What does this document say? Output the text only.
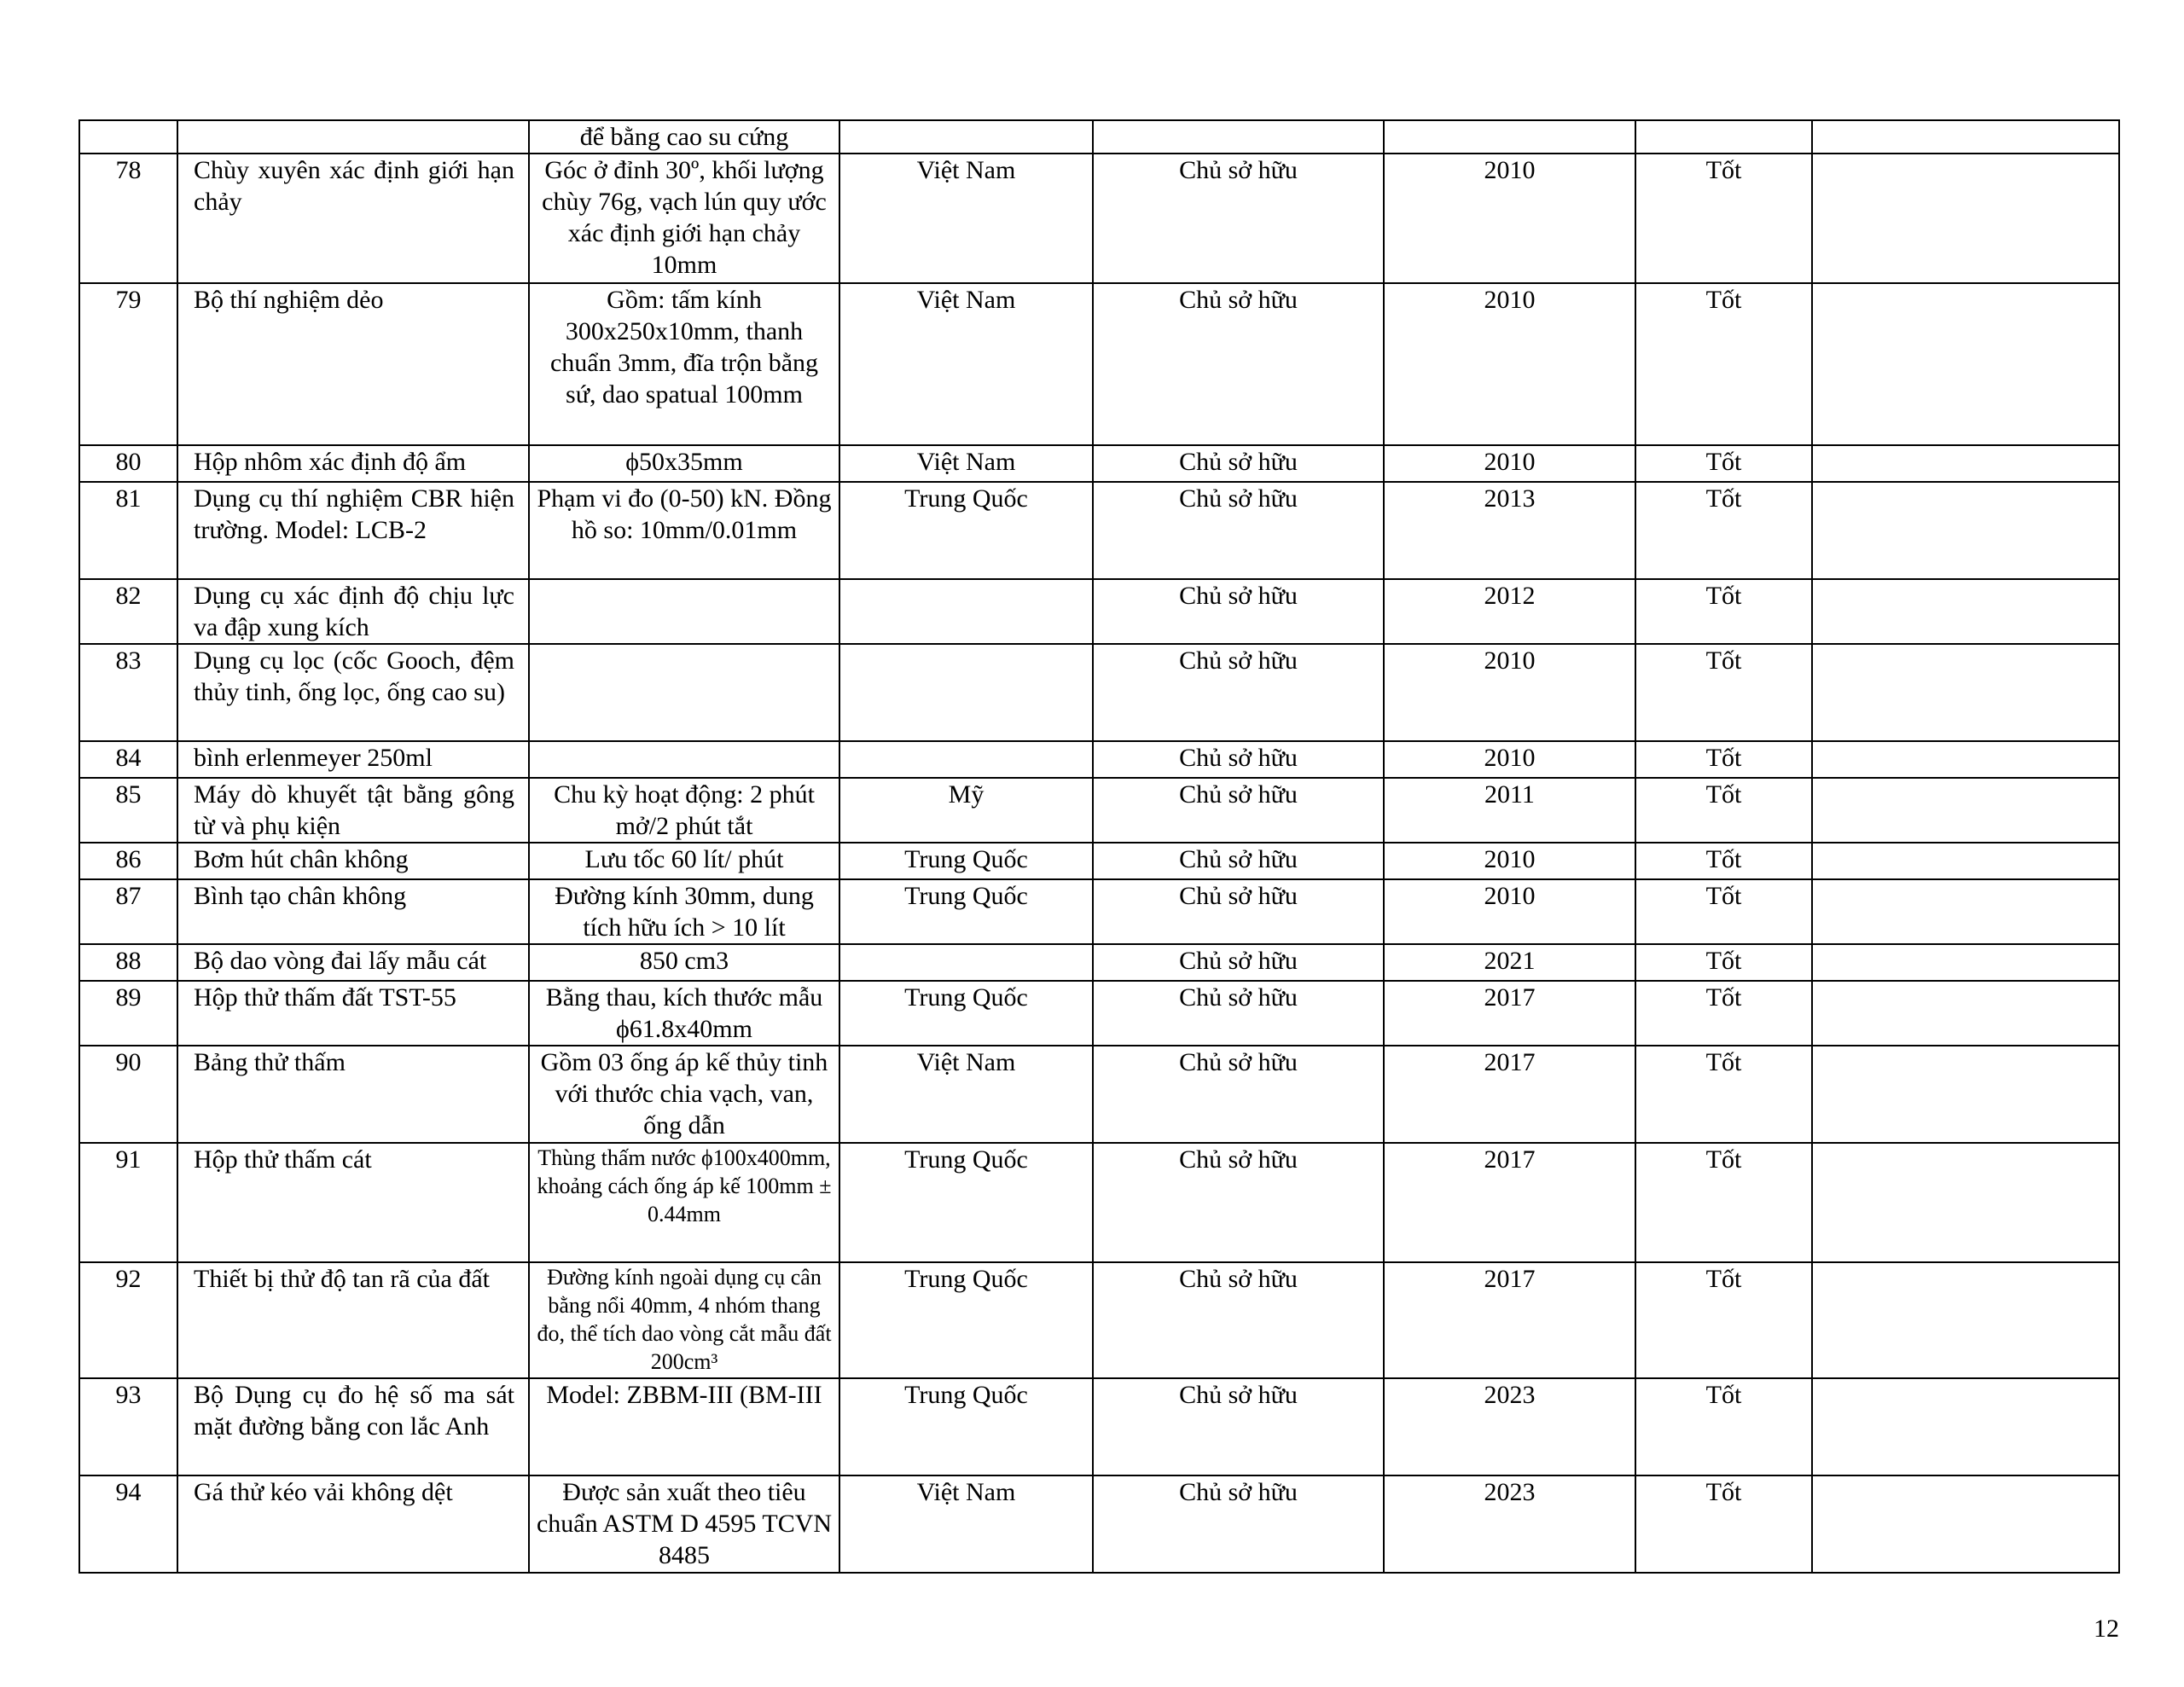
		để bằng cao su cứng					
78	Chùy xuyên xác định giới hạn chảy	Góc ở đỉnh 30º, khối lượng chùy 76g, vạch lún quy ước xác định giới hạn chảy 10mm	Việt Nam	Chủ sở hữu	2010	Tốt	
79	Bộ thí nghiệm dẻo	Gồm: tấm kính 300x250x10mm, thanh chuẩn 3mm, đĩa trộn bằng sứ, dao spatual 100mm	Việt Nam	Chủ sở hữu	2010	Tốt	
80	Hộp nhôm xác định độ ẩm	ϕ50x35mm	Việt Nam	Chủ sở hữu	2010	Tốt	
81	Dụng cụ thí nghiệm CBR hiện trường. Model: LCB-2	Phạm vi đo (0-50) kN. Đồng hồ so: 10mm/0.01mm	Trung Quốc	Chủ sở hữu	2013	Tốt	
82	Dụng cụ xác định độ chịu lực va đập xung kích			Chủ sở hữu	2012	Tốt	
83	Dụng cụ lọc (cốc Gooch, đệm thủy tinh, ống lọc, ống cao su)			Chủ sở hữu	2010	Tốt	
84	bình erlenmeyer 250ml			Chủ sở hữu	2010	Tốt	
85	Máy dò khuyết tật bằng gông từ và phụ kiện	Chu kỳ hoạt động: 2 phút mở/2 phút tắt	Mỹ	Chủ sở hữu	2011	Tốt	
86	Bơm hút chân không	Lưu tốc 60 lít/ phút	Trung Quốc	Chủ sở hữu	2010	Tốt	
87	Bình tạo chân không	Đường kính 30mm, dung tích hữu ích > 10 lít	Trung Quốc	Chủ sở hữu	2010	Tốt	
88	Bộ dao vòng đai lấy mẫu cát	850 cm3		Chủ sở hữu	2021	Tốt	
89	Hộp thử thấm đất TST-55	Bằng thau, kích thước mẫu ϕ61.8x40mm	Trung Quốc	Chủ sở hữu	2017	Tốt	
90	Bảng thử thấm	Gồm 03 ống áp kế thủy tinh với thước chia vạch, van, ống dẫn	Việt Nam	Chủ sở hữu	2017	Tốt	
91	Hộp thử thấm cát	Thùng thấm nước ϕ100x400mm, khoảng cách ống áp kế 100mm ± 0.44mm	Trung Quốc	Chủ sở hữu	2017	Tốt	
92	Thiết bị thử độ tan rã của đất	Đường kính ngoài dụng cụ cân bằng nổi 40mm, 4 nhóm thang đo, thể tích dao vòng cắt mẫu đất 200cm³	Trung Quốc	Chủ sở hữu	2017	Tốt	
93	Bộ Dụng cụ đo hệ số ma sát mặt đường bằng con lắc Anh	Model: ZBBM-III (BM-III	Trung Quốc	Chủ sở hữu	2023	Tốt	
94	Gá thử kéo vải không dệt	Được sản xuất theo tiêu chuẩn ASTM D 4595 TCVN 8485	Việt Nam	Chủ sở hữu	2023	Tốt	
12
